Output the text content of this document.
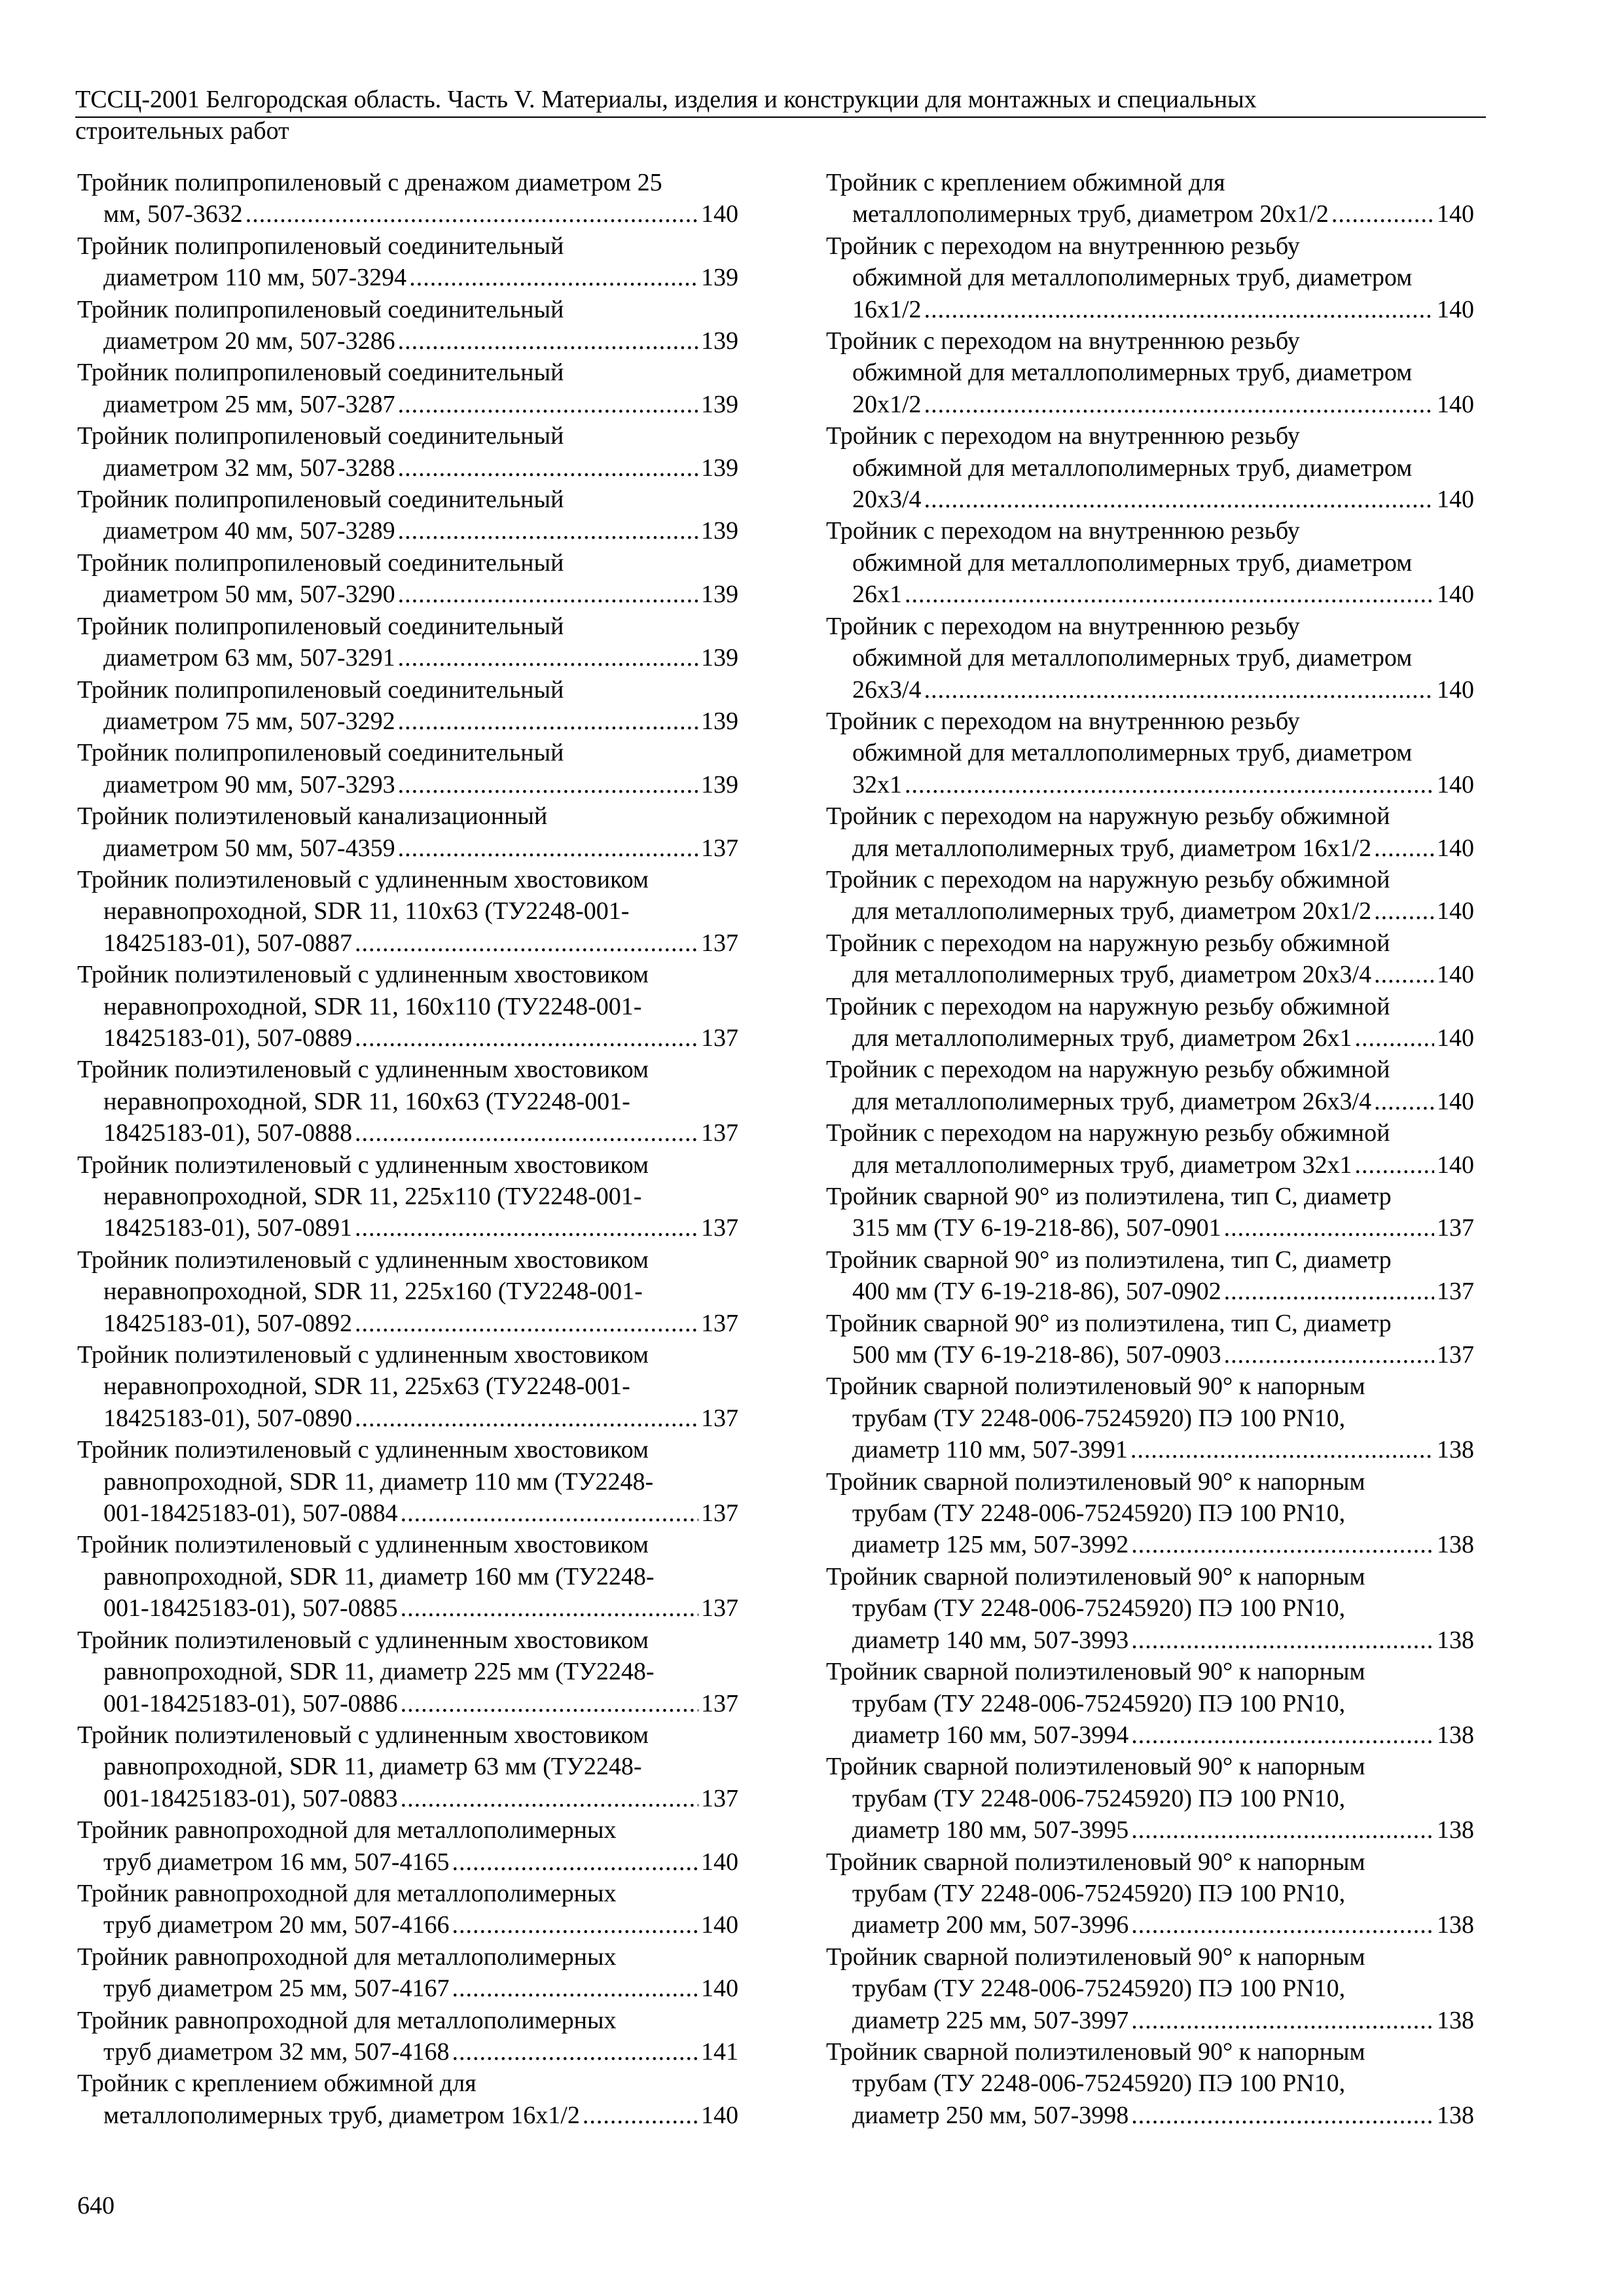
ТССЦ-2001 Белгородская область. Часть V. Материалы, изделия и конструкции для монтажных и специальных
строительных работ
Тройник полипропиленовый с дренажом диаметром 25
мм, 507-3632 .....	140
Тройник полипропиленовый соединительный
диаметром 110 мм, 507-3294 .....	139
Тройник полипропиленовый соединительный
диаметром 20 мм, 507-3286 .....	139
Тройник полипропиленовый соединительный
диаметром 25 мм, 507-3287 .....	139
Тройник полипропиленовый соединительный
диаметром 32 мм, 507-3288 .....	139
Тройник полипропиленовый соединительный
диаметром 40 мм, 507-3289 .....	139
Тройник полипропиленовый соединительный
диаметром 50 мм, 507-3290 .....	139
Тройник полипропиленовый соединительный
диаметром 63 мм, 507-3291 .....	139
Тройник полипропиленовый соединительный
диаметром 75 мм, 507-3292 .....	139
Тройник полипропиленовый соединительный
диаметром 90 мм, 507-3293 .....	139
Тройник полиэтиленовый канализационный
диаметром 50 мм, 507-4359 .....	137
Тройник полиэтиленовый с удлиненным хвостовиком
неравнопроходной, SDR 11, 110х63 (ТУ2248-001-
18425183-01), 507-0887 .....	137
Тройник полиэтиленовый с удлиненным хвостовиком
неравнопроходной, SDR 11, 160х110 (ТУ2248-001-
18425183-01), 507-0889 .....	137
Тройник полиэтиленовый с удлиненным хвостовиком
неравнопроходной, SDR 11, 160х63 (ТУ2248-001-
18425183-01), 507-0888 .....	137
Тройник полиэтиленовый с удлиненным хвостовиком
неравнопроходной, SDR 11, 225х110 (ТУ2248-001-
18425183-01), 507-0891 .....	137
Тройник полиэтиленовый с удлиненным хвостовиком
неравнопроходной, SDR 11, 225х160 (ТУ2248-001-
18425183-01), 507-0892 .....	137
Тройник полиэтиленовый с удлиненным хвостовиком
неравнопроходной, SDR 11, 225х63 (ТУ2248-001-
18425183-01), 507-0890 .....	137
Тройник полиэтиленовый с удлиненным хвостовиком
равнопроходной, SDR 11, диаметр 110 мм (ТУ2248-
001-18425183-01), 507-0884 .....	137
Тройник полиэтиленовый с удлиненным хвостовиком
равнопроходной, SDR 11, диаметр 160 мм (ТУ2248-
001-18425183-01), 507-0885 .....	137
Тройник полиэтиленовый с удлиненным хвостовиком
равнопроходной, SDR 11, диаметр 225 мм (ТУ2248-
001-18425183-01), 507-0886 .....	137
Тройник полиэтиленовый с удлиненным хвостовиком
равнопроходной, SDR 11, диаметр 63 мм (ТУ2248-
001-18425183-01), 507-0883 .....	137
Тройник равнопроходной для металлополимерных
труб диаметром 16 мм, 507-4165 .....	140
Тройник равнопроходной для металлополимерных
труб диаметром 20 мм, 507-4166 .....	140
Тройник равнопроходной для металлополимерных
труб диаметром 25 мм, 507-4167 .....	140
Тройник равнопроходной для металлополимерных
труб диаметром 32 мм, 507-4168 .....	141
Тройник с креплением обжимной для
металлополимерных труб, диаметром 16х1/2 .....	140
Тройник с креплением обжимной для
металлополимерных труб, диаметром 20х1/2 .....	140
Тройник с переходом на внутреннюю резьбу
обжимной для металлополимерных труб, диаметром
16х1/2 .....	140
Тройник с переходом на внутреннюю резьбу
обжимной для металлополимерных труб, диаметром
20х1/2 .....	140
Тройник с переходом на внутреннюю резьбу
обжимной для металлополимерных труб, диаметром
20х3/4 .....	140
Тройник с переходом на внутреннюю резьбу
обжимной для металлополимерных труб, диаметром
26х1 .....	140
Тройник с переходом на внутреннюю резьбу
обжимной для металлополимерных труб, диаметром
26х3/4 .....	140
Тройник с переходом на внутреннюю резьбу
обжимной для металлополимерных труб, диаметром
32х1 .....	140
Тройник с переходом на наружную резьбу обжимной
для металлополимерных труб, диаметром 16х1/2 .....	140
Тройник с переходом на наружную резьбу обжимной
для металлополимерных труб, диаметром 20х1/2 .....	140
Тройник с переходом на наружную резьбу обжимной
для металлополимерных труб, диаметром 20х3/4 .....	140
Тройник с переходом на наружную резьбу обжимной
для металлополимерных труб, диаметром 26х1 .....	140
Тройник с переходом на наружную резьбу обжимной
для металлополимерных труб, диаметром 26х3/4 .....	140
Тройник с переходом на наружную резьбу обжимной
для металлополимерных труб, диаметром 32х1 .....	140
Тройник сварной 90° из полиэтилена, тип С, диаметр
315 мм (ТУ 6-19-218-86), 507-0901 .....	137
Тройник сварной 90° из полиэтилена, тип С, диаметр
400 мм (ТУ 6-19-218-86), 507-0902 .....	137
Тройник сварной 90° из полиэтилена, тип С, диаметр
500 мм (ТУ 6-19-218-86), 507-0903 .....	137
Тройник сварной полиэтиленовый 90° к напорным
трубам (ТУ 2248-006-75245920) ПЭ 100 PN10,
диаметр 110 мм, 507-3991 .....	138
Тройник сварной полиэтиленовый 90° к напорным
трубам (ТУ 2248-006-75245920) ПЭ 100 PN10,
диаметр 125 мм, 507-3992 .....	138
Тройник сварной полиэтиленовый 90° к напорным
трубам (ТУ 2248-006-75245920) ПЭ 100 PN10,
диаметр 140 мм, 507-3993 .....	138
Тройник сварной полиэтиленовый 90° к напорным
трубам (ТУ 2248-006-75245920) ПЭ 100 PN10,
диаметр 160 мм, 507-3994 .....	138
Тройник сварной полиэтиленовый 90° к напорным
трубам (ТУ 2248-006-75245920) ПЭ 100 PN10,
диаметр 180 мм, 507-3995 .....	138
Тройник сварной полиэтиленовый 90° к напорным
трубам (ТУ 2248-006-75245920) ПЭ 100 PN10,
диаметр 200 мм, 507-3996 .....	138
Тройник сварной полиэтиленовый 90° к напорным
трубам (ТУ 2248-006-75245920) ПЭ 100 PN10,
диаметр 225 мм, 507-3997 .....	138
Тройник сварной полиэтиленовый 90° к напорным
трубам (ТУ 2248-006-75245920) ПЭ 100 PN10,
диаметр 250 мм, 507-3998 .....	138
640
